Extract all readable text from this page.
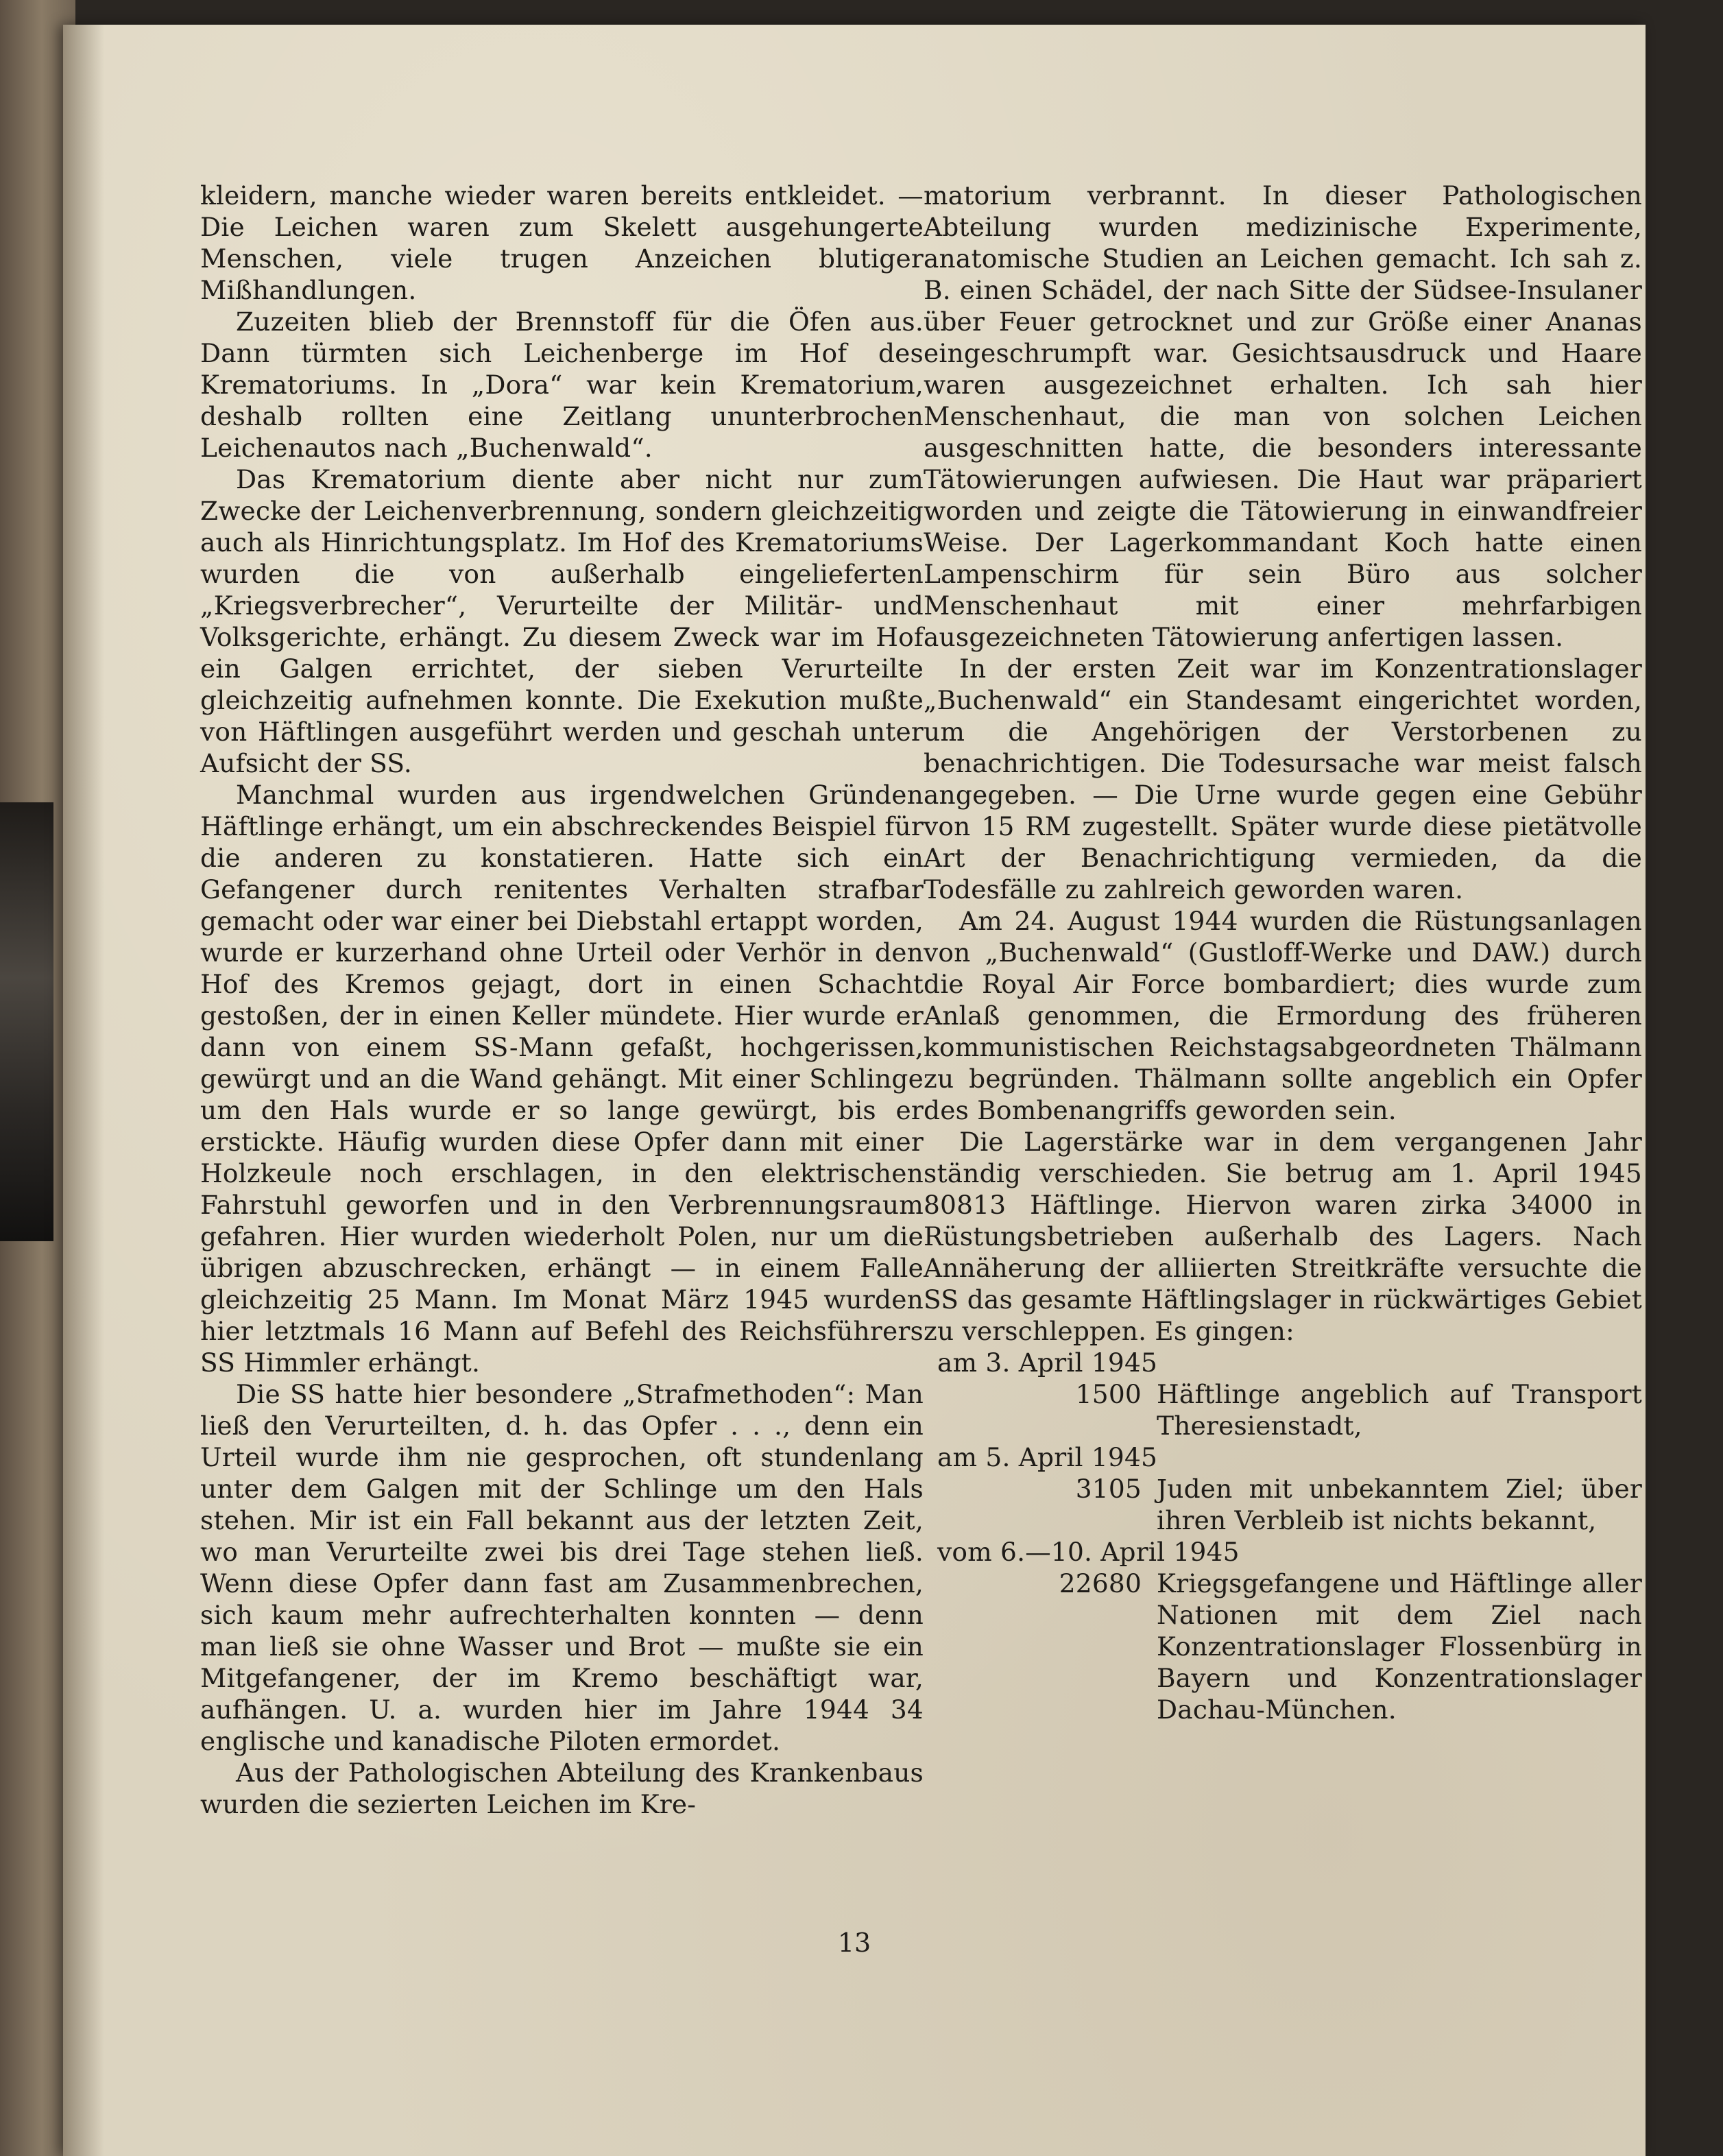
kleidern, manche wieder waren bereits entkleidet. — Die Leichen waren zum Skelett ausgehungerte Menschen, viele trugen Anzeichen blutiger Mißhandlungen.

Zuzeiten blieb der Brennstoff für die Öfen aus. Dann türmten sich Leichenberge im Hof des Krematoriums. In „Dora“ war kein Krematorium, deshalb rollten eine Zeitlang ununterbrochen Leichenautos nach „Buchenwald“.

Das Krematorium diente aber nicht nur zum Zwecke der Leichenverbrennung, sondern gleichzeitig auch als Hinrichtungsplatz. Im Hof des Krematoriums wurden die von außerhalb eingelieferten „Kriegsverbrecher“, Verurteilte der Militär- und Volksgerichte, erhängt. Zu diesem Zweck war im Hof ein Galgen errichtet, der sieben Verurteilte gleichzeitig aufnehmen konnte. Die Exekution mußte von Häftlingen ausgeführt werden und geschah unter Aufsicht der SS.

Manchmal wurden aus irgendwelchen Gründen Häftlinge erhängt, um ein abschreckendes Beispiel für die anderen zu konstatieren. Hatte sich ein Gefangener durch renitentes Verhalten strafbar gemacht oder war einer bei Diebstahl ertappt worden, wurde er kurzerhand ohne Urteil oder Verhör in den Hof des Kremos gejagt, dort in einen Schacht gestoßen, der in einen Keller mündete. Hier wurde er dann von einem SS-Mann gefaßt, hochgerissen, gewürgt und an die Wand gehängt. Mit einer Schlinge um den Hals wurde er so lange gewürgt, bis er erstickte. Häufig wurden diese Opfer dann mit einer Holzkeule noch erschlagen, in den elektrischen Fahrstuhl geworfen und in den Verbrennungsraum gefahren. Hier wurden wiederholt Polen, nur um die übrigen abzuschrecken, erhängt — in einem Falle gleichzeitig 25 Mann. Im Monat März 1945 wurden hier letztmals 16 Mann auf Befehl des Reichsführers SS Himmler erhängt.

Die SS hatte hier besondere „Strafmethoden“: Man ließ den Verurteilten, d. h. das Opfer . . ., denn ein Urteil wurde ihm nie gesprochen, oft stundenlang unter dem Galgen mit der Schlinge um den Hals stehen. Mir ist ein Fall bekannt aus der letzten Zeit, wo man Verurteilte zwei bis drei Tage stehen ließ. Wenn diese Opfer dann fast am Zusammenbrechen, sich kaum mehr aufrechterhalten konnten — denn man ließ sie ohne Wasser und Brot — mußte sie ein Mitgefangener, der im Kremo beschäftigt war, aufhängen. U. a. wurden hier im Jahre 1944 34 englische und kanadische Piloten ermordet.

Aus der Pathologischen Abteilung des Krankenbaus wurden die sezierten Leichen im Kre-

matorium verbrannt. In dieser Pathologischen Abteilung wurden medizinische Experimente, anatomische Studien an Leichen gemacht. Ich sah z. B. einen Schädel, der nach Sitte der Südsee-Insulaner über Feuer getrocknet und zur Größe einer Ananas eingeschrumpft war. Gesichtsausdruck und Haare waren ausgezeichnet erhalten. Ich sah hier Menschenhaut, die man von solchen Leichen ausgeschnitten hatte, die besonders interessante Tätowierungen aufwiesen. Die Haut war präpariert worden und zeigte die Tätowierung in einwandfreier Weise. Der Lagerkommandant Koch hatte einen Lampenschirm für sein Büro aus solcher Menschenhaut mit einer mehrfarbigen ausgezeichneten Tätowierung anfertigen lassen.

In der ersten Zeit war im Konzentrationslager „Buchenwald“ ein Standesamt eingerichtet worden, um die Angehörigen der Verstorbenen zu benachrichtigen. Die Todesursache war meist falsch angegeben. — Die Urne wurde gegen eine Gebühr von 15 RM zugestellt. Später wurde diese pietätvolle Art der Benachrichtigung vermieden, da die Todesfälle zu zahlreich geworden waren.

Am 24. August 1944 wurden die Rüstungsanlagen von „Buchenwald“ (Gustloff-Werke und DAW.) durch die Royal Air Force bombardiert; dies wurde zum Anlaß genommen, die Ermordung des früheren kommunistischen Reichstagsabgeordneten Thälmann zu begründen. Thälmann sollte angeblich ein Opfer des Bombenangriffs geworden sein.

Die Lagerstärke war in dem vergangenen Jahr ständig verschieden. Sie betrug am 1. April 1945 80813 Häftlinge. Hiervon waren zirka 34000 in Rüstungsbetrieben außerhalb des Lagers. Nach Annäherung der alliierten Streitkräfte versuchte die SS das gesamte Häftlingslager in rückwärtiges Gebiet zu verschleppen. Es gingen:

am 3. April 1945
1500 Häftlinge angeblich auf Transport Theresienstadt,
am 5. April 1945
3105 Juden mit unbekanntem Ziel; über ihren Verbleib ist nichts bekannt,
vom 6.—10. April 1945
22680 Kriegsgefangene und Häftlinge aller Nationen mit dem Ziel nach Konzentrationslager Flossenbürg in Bayern und Konzentrationslager Dachau-München.
13
